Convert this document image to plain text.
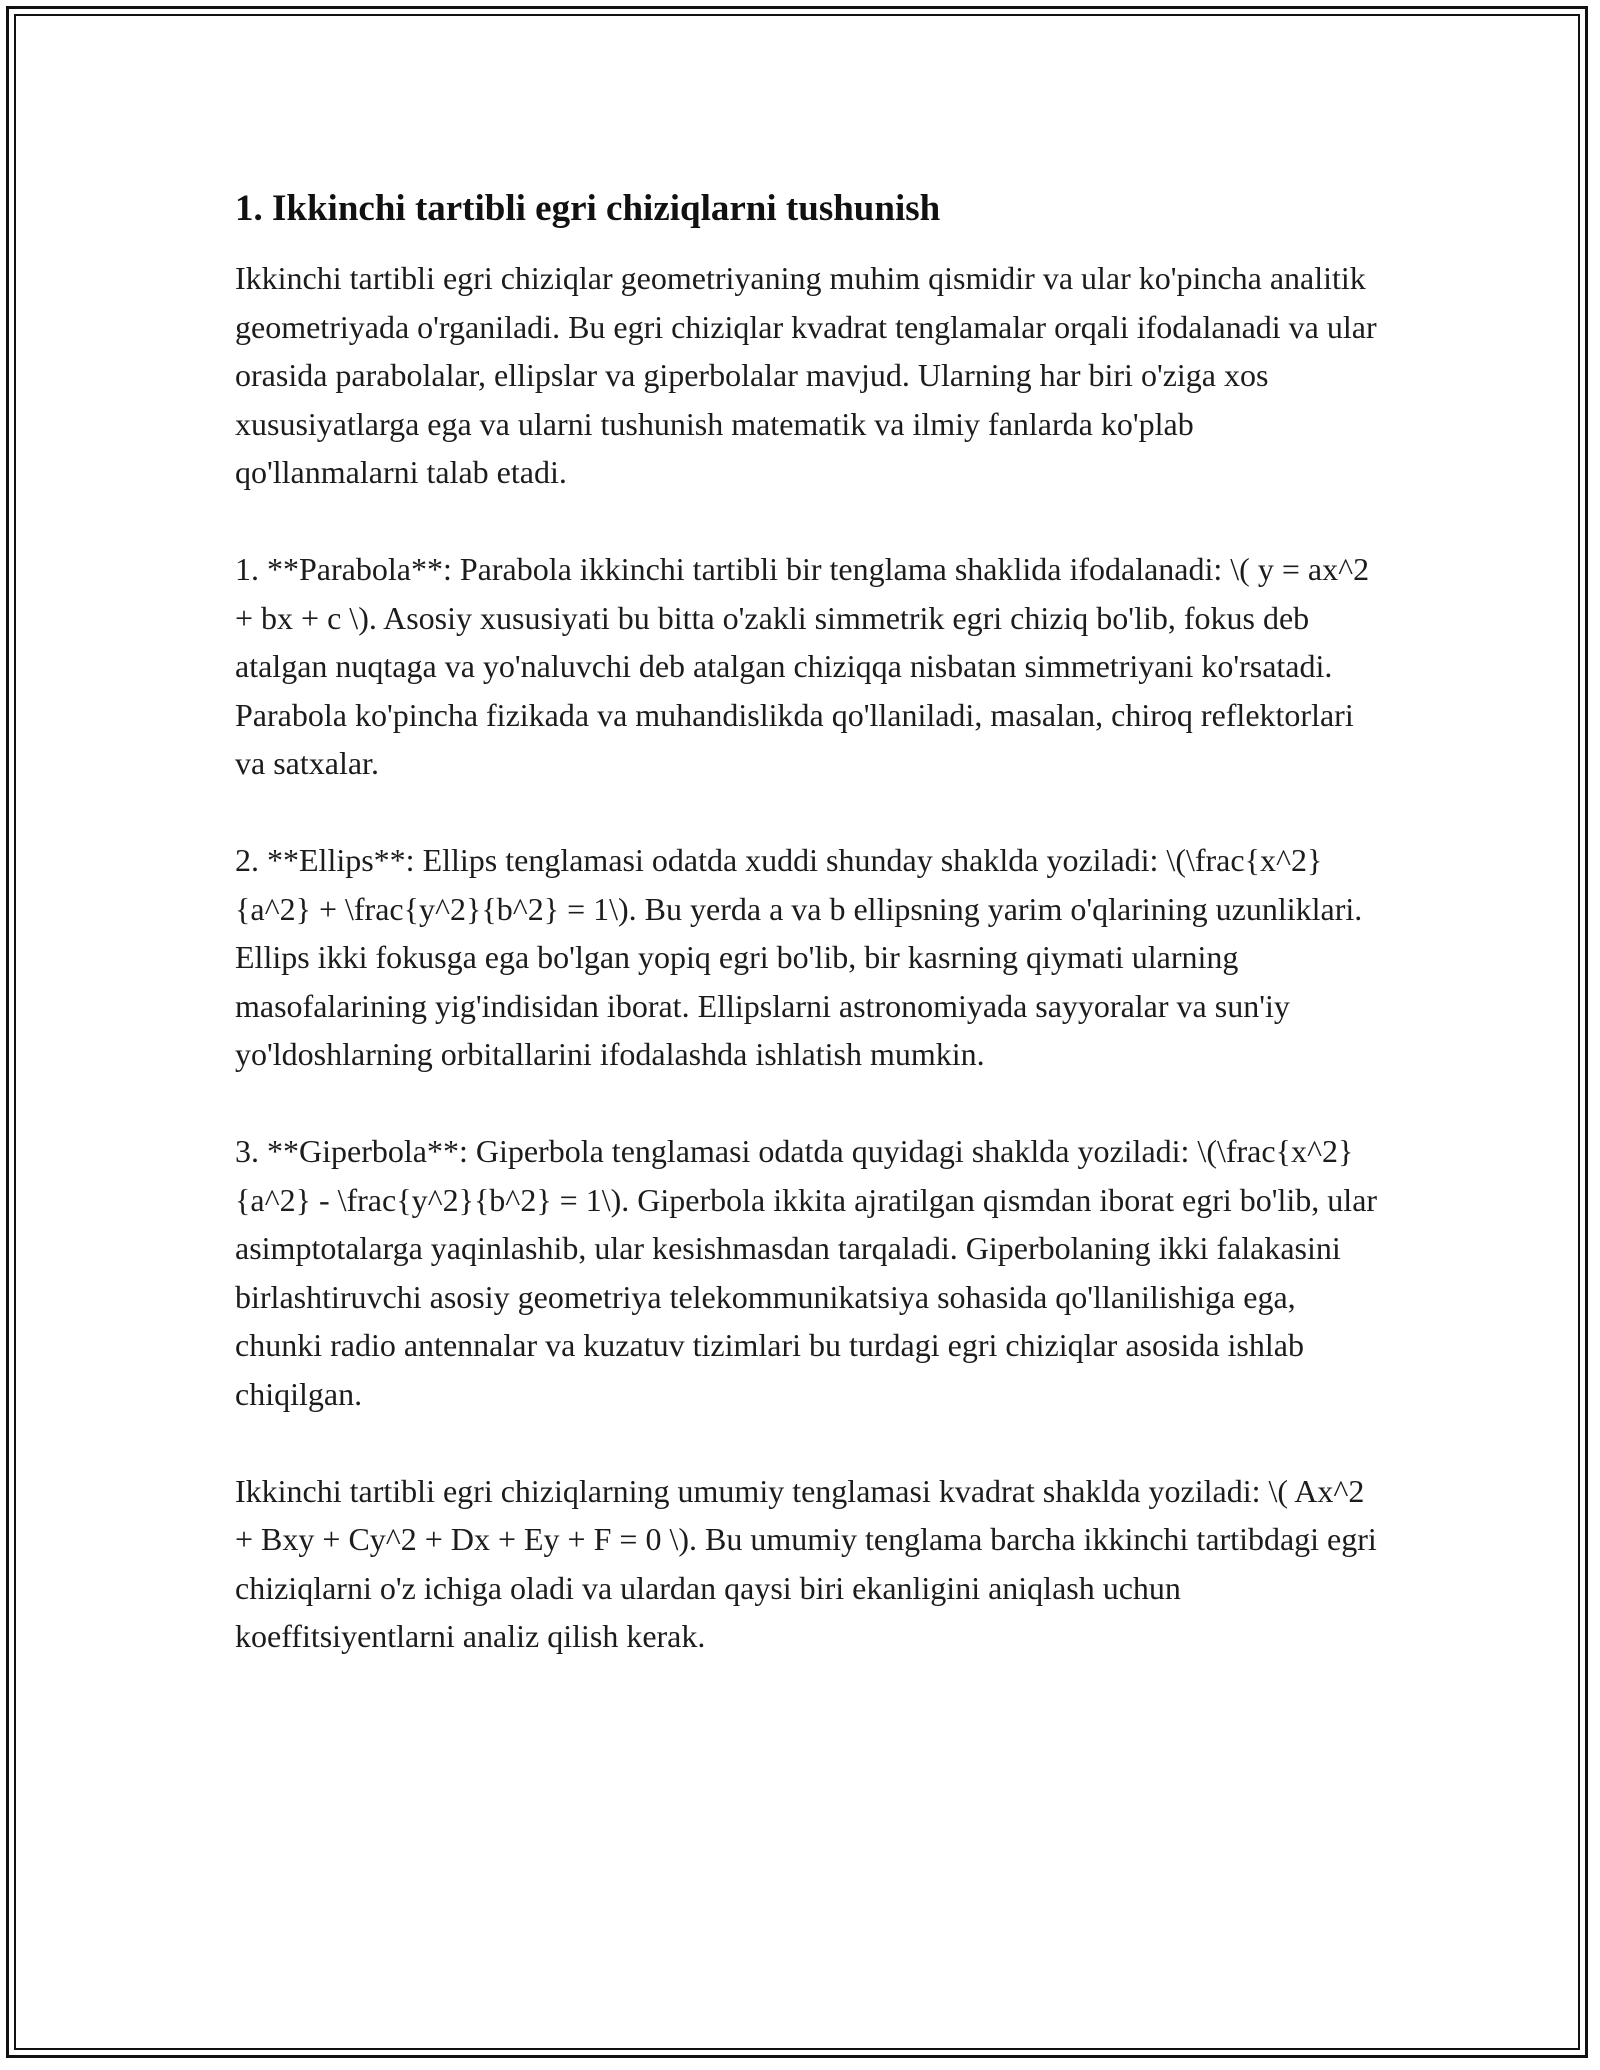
1. Ikkinchi tartibli egri chiziqlarni tushunish

Ikkinchi tartibli egri chiziqlar geometriyaning muhim qismidir va ular ko'pincha analitik geometriyada o'rganiladi. Bu egri chiziqlar kvadrat tenglamalar orqali ifodalanadi va ular orasida parabolalar, ellipslar va giperbolalar mavjud. Ularning har biri o'ziga xos xususiyatlarga ega va ularni tushunish matematik va ilmiy fanlarda ko'plab qo'llanmalarni talab etadi.

1. **Parabola**: Parabola ikkinchi tartibli bir tenglama shaklida ifodalanadi: \( y = ax^2 + bx + c \). Asosiy xususiyati bu bitta o'zakli simmetrik egri chiziq bo'lib, fokus deb atalgan nuqtaga va yo'naluvchi deb atalgan chiziqqa nisbatan simmetriyani ko'rsatadi. Parabola ko'pincha fizikada va muhandislikda qo'llaniladi, masalan, chiroq reflektorlari va satxalar.

2. **Ellips**: Ellips tenglamasi odatda xuddi shunday shaklda yoziladi: \(\frac{x^2}{a^2} + \frac{y^2}{b^2} = 1\). Bu yerda a va b ellipsning yarim o'qlarining uzunliklari. Ellips ikki fokusga ega bo'lgan yopiq egri bo'lib, bir kasrning qiymati ularning masofalarining yig'indisidan iborat. Ellipslarni astronomiyada sayyoralar va sun'iy yo'ldoshlarning orbitallarini ifodalashda ishlatish mumkin.

3. **Giperbola**: Giperbola tenglamasi odatda quyidagi shaklda yoziladi: \(\frac{x^2}{a^2} - \frac{y^2}{b^2} = 1\). Giperbola ikkita ajratilgan qismdan iborat egri bo'lib, ular asimptotalarga yaqinlashib, ular kesishmasdan tarqaladi. Giperbolaning ikki falakasini birlashtiruvchi asosiy geometriya telekommunikatsiya sohasida qo'llanilishiga ega, chunki radio antennalar va kuzatuv tizimlari bu turdagi egri chiziqlar asosida ishlab chiqilgan.

Ikkinchi tartibli egri chiziqlarning umumiy tenglamasi kvadrat shaklda yoziladi: \( Ax^2 + Bxy + Cy^2 + Dx + Ey + F = 0 \). Bu umumiy tenglama barcha ikkinchi tartibdagi egri chiziqlarni o'z ichiga oladi va ulardan qaysi biri ekanligini aniqlash uchun koeffitsiyentlarni analiz qilish kerak.
